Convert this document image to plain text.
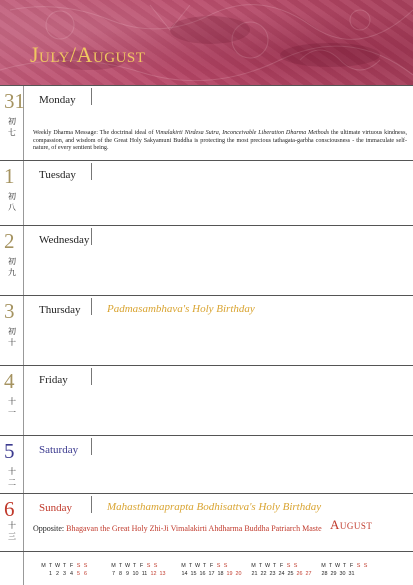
July/August
31
初七
Monday
Weekly Dharma Message: The doctrinal ideal of Vimalakirti Nirdesa Sutra, Inconceivable Liberation Dharma Methods the ultimate virtuous kindness, compassion, and wisdom of the Great Holy Sakyamuni Buddha is protecting the most precious tathagata-garbha consciousness - the immaculate self-nature, of every sentient being.
1
初八
Tuesday
2
初九
Wednesday
3
初十
Thursday Padmasambhava's Holy Birthday
4
十一
Friday
5
十二
Saturday
6
十三
Sunday	Mahasthamaprapta Bodhisattva's Holy Birthday
Opposite: Bhagavan the Great Holy Zhi-Ji Vimalakirti Ahdharma Buddha Patriarch Maste August
M T W T F S S
1 2 3 4 5 6
M T W T F S S
7 8 9 10 11 12 13
M T W T F S S
14 15 16 17 18 19 20
M T W T F S S
21 22 23 24 25 26 27
M T W T F S S
28 29 30 31
